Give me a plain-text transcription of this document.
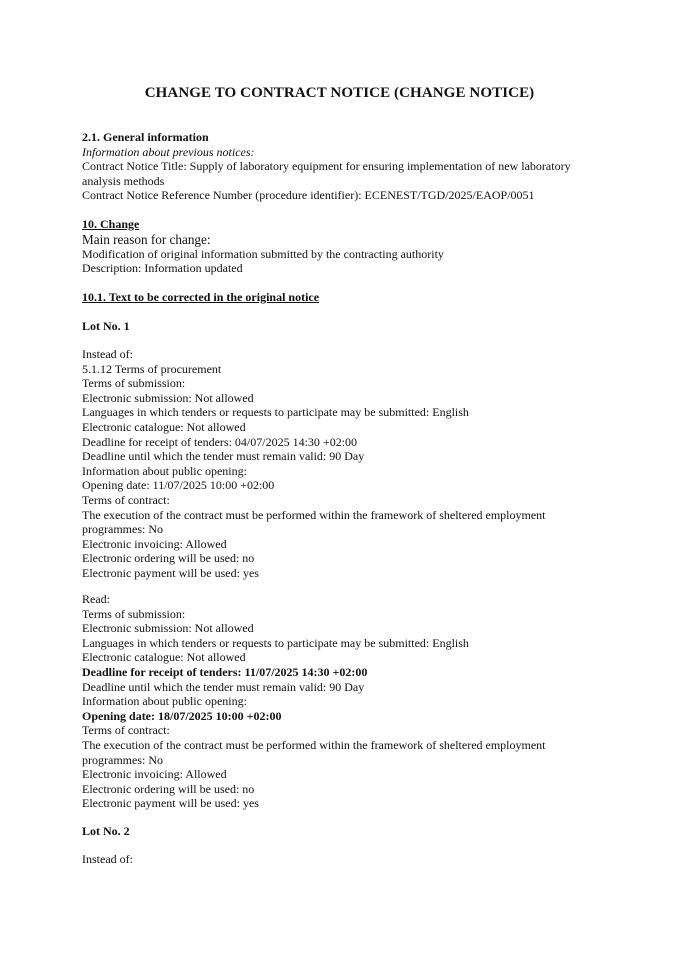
CHANGE TO CONTRACT NOTICE (CHANGE NOTICE)
2.1. General information
Information about previous notices:
Contract Notice Title: Supply of laboratory equipment for ensuring implementation of new laboratory analysis methods
Contract Notice Reference Number (procedure identifier): ECENEST/TGD/2025/EAOP/0051
10. Change
Main reason for change:
Modification of original information submitted by the contracting authority
Description: Information updated
10.1. Text to be corrected in the original notice
Lot No. 1
Instead of:
5.1.12 Terms of procurement
Terms of submission:
Electronic submission: Not allowed
Languages in which tenders or requests to participate may be submitted: English
Electronic catalogue: Not allowed
Deadline for receipt of tenders: 04/07/2025 14:30 +02:00
Deadline until which the tender must remain valid: 90 Day
Information about public opening:
Opening date: 11/07/2025 10:00 +02:00
Terms of contract:
The execution of the contract must be performed within the framework of sheltered employment programmes: No
Electronic invoicing: Allowed
Electronic ordering will be used: no
Electronic payment will be used: yes
Read:
Terms of submission:
Electronic submission: Not allowed
Languages in which tenders or requests to participate may be submitted: English
Electronic catalogue: Not allowed
Deadline for receipt of tenders: 11/07/2025 14:30 +02:00
Deadline until which the tender must remain valid: 90 Day
Information about public opening:
Opening date: 18/07/2025 10:00 +02:00
Terms of contract:
The execution of the contract must be performed within the framework of sheltered employment programmes: No
Electronic invoicing: Allowed
Electronic ordering will be used: no
Electronic payment will be used: yes
Lot No. 2
Instead of:
